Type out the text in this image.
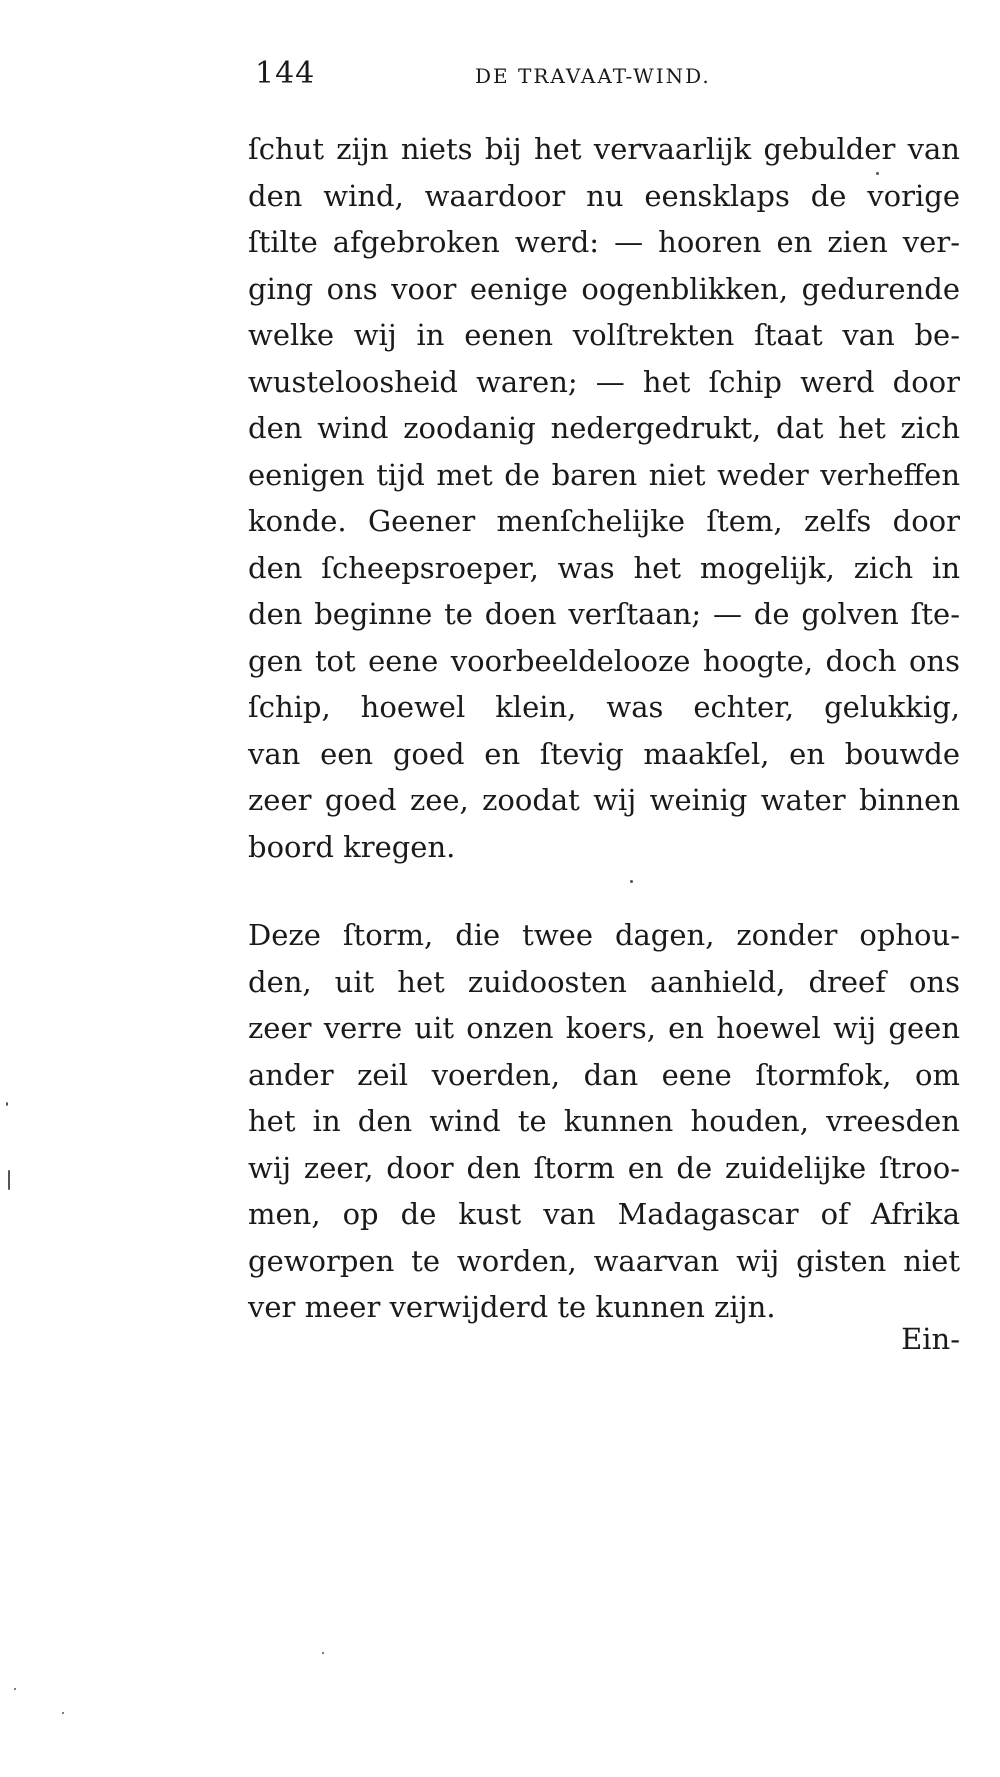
144	DE TRAVAAT-WIND.
ſchut zijn niets bij het vervaarlijk gebulder van
den wind, waardoor nu eensklaps de vorige
ſtilte afgebroken werd: — hooren en zien ver-
ging ons voor eenige oogenblikken, gedurende
welke wij in eenen volſtrekten ſtaat van be-
wusteloosheid waren; — het ſchip werd door
den wind zoodanig nedergedrukt, dat het zich
eenigen tijd met de baren niet weder verheffen
konde. Geener menſchelijke ſtem, zelfs door
den ſcheepsroeper, was het mogelijk, zich in
den beginne te doen verſtaan; — de golven ſte-
gen tot eene voorbeeldelooze hoogte, doch ons
ſchip, hoewel klein, was echter, gelukkig,
van een goed en ſtevig maakſel, en bouwde
zeer goed zee, zoodat wij weinig water binnen
boord kregen.
Deze ſtorm, die twee dagen, zonder ophou-
den, uit het zuidoosten aanhield, dreef ons
zeer verre uit onzen koers, en hoewel wij geen
ander zeil voerden, dan eene ſtormfok, om
het in den wind te kunnen houden, vreesden
wij zeer, door den ſtorm en de zuidelijke ſtroo-
men, op de kust van Madagascar of Afrika
geworpen te worden, waarvan wij gisten niet
ver meer verwijderd te kunnen zijn.
Ein-
